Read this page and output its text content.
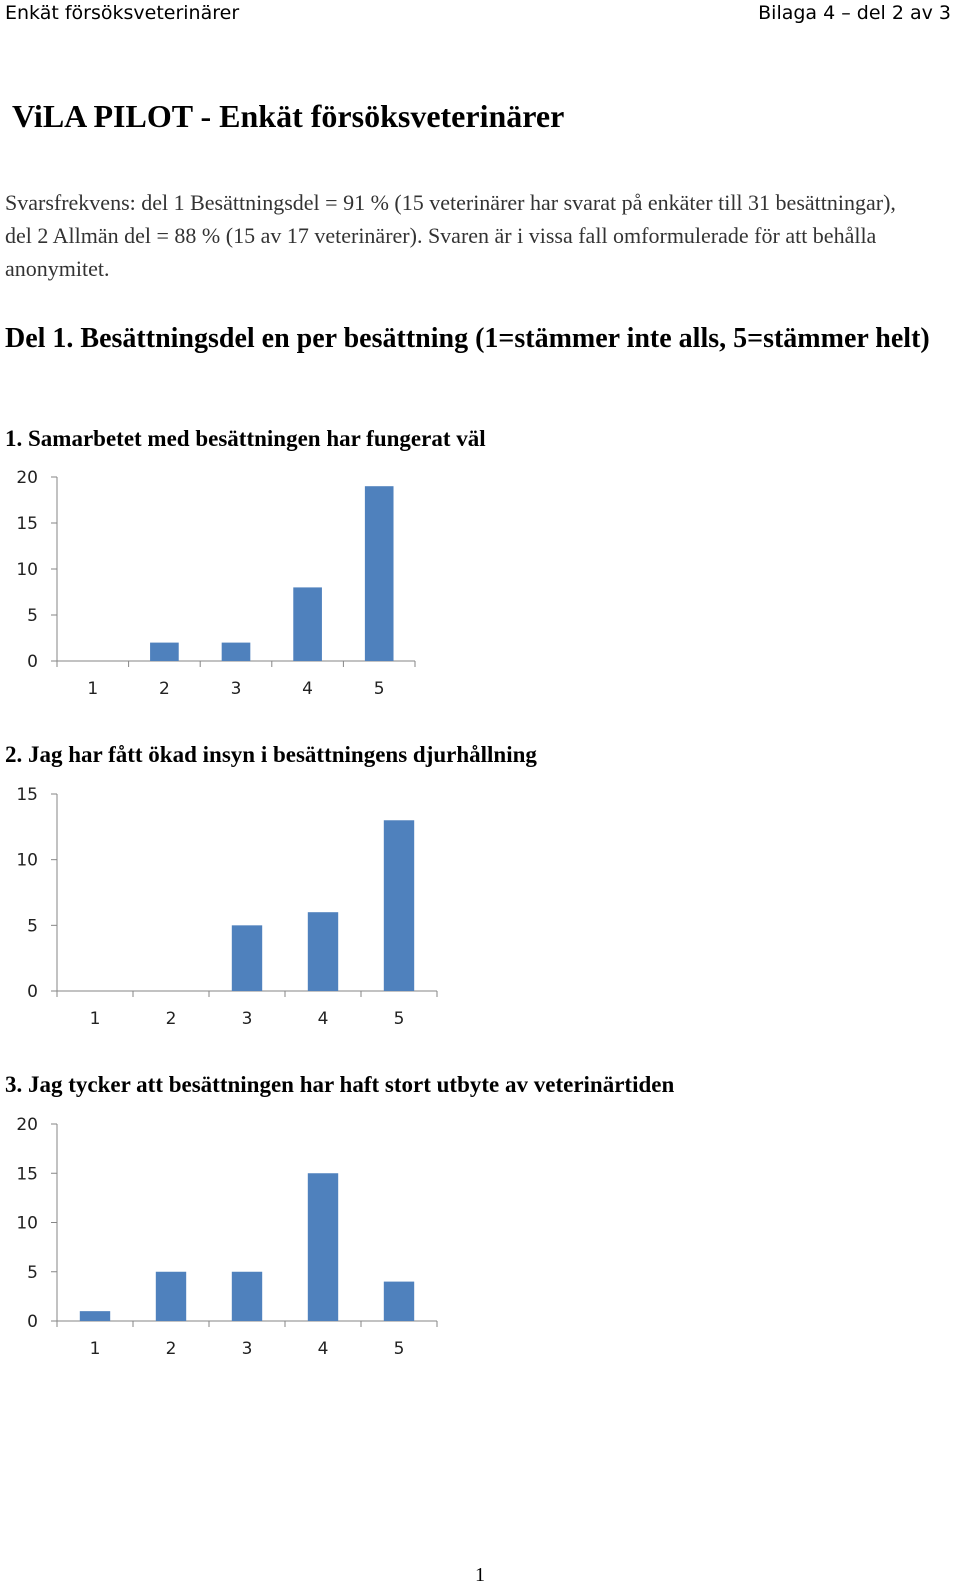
Enkät försöksveterinärer	Bilaga 4 – del 2 av 3
ViLA PILOT - Enkät försöksveterinärer

Svarsfrekvens: del 1 Besättningsdel = 91 % (15 veterinärer har svarat på enkäter till 31 besättningar), del 2 Allmän del = 88 % (15 av 17 veterinärer). Svaren är i vissa fall omformulerade för att behålla anonymitet.

Del 1. Besättningsdel en per besättning (1=stämmer inte alls, 5=stämmer helt)
1. Samarbetet med besättningen har fungerat väl
0
5
10
15
20
1	2	3	4	5
2. Jag har fått ökad insyn i besättningens djurhållning
0
5
10
15
1	2	3	4	5
3. Jag tycker att besättningen har haft stort utbyte av veterinärtiden
0
5
10
15
20
1	2	3	4	5
1
